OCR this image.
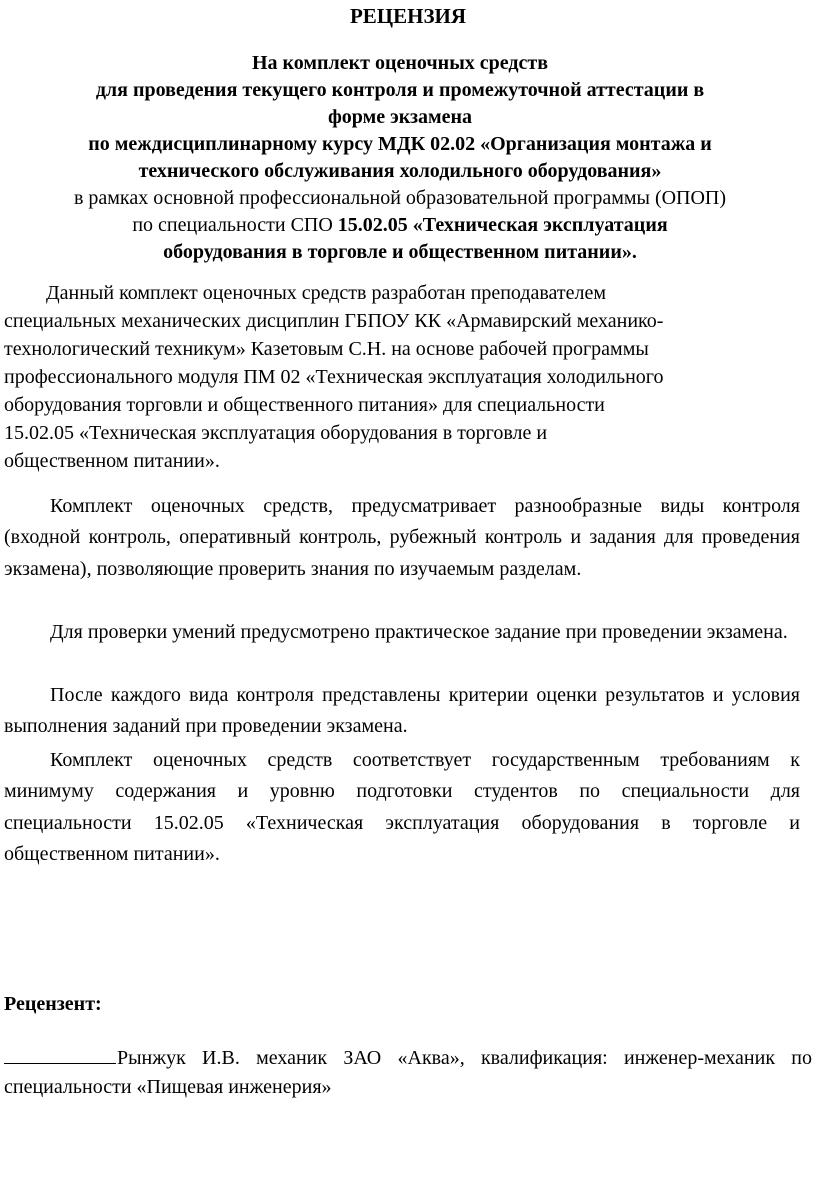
РЕЦЕНЗИЯ
На комплект оценочных средств
для проведения текущего контроля и промежуточной аттестации в
форме экзамена
по междисциплинарному курсу МДК 02.02 «Организация монтажа и
технического обслуживания холодильного оборудования»
в рамках основной профессиональной образовательной программы (ОПОП)
по специальности СПО 15.02.05 «Техническая эксплуатация
оборудования в торговле и общественном питании».
Данный комплект оценочных средств разработан преподавателем
специальных механических дисциплин ГБПОУ КК «Армавирский механико-
технологический техникум» Казетовым С.Н. на основе рабочей программы
профессионального модуля ПМ 02 «Техническая эксплуатация холодильного
оборудования торговли и общественного питания» для специальности
15.02.05 «Техническая эксплуатация оборудования в торговле и
общественном питании».
Комплект оценочных средств, предусматривает разнообразные виды контроля (входной контроль, оперативный контроль, рубежный контроль и задания для проведения экзамена), позволяющие проверить знания по изучаемым разделам.
Для проверки умений предусмотрено практическое задание при проведении экзамена.
После каждого вида контроля представлены критерии оценки результатов и условия выполнения заданий при проведении экзамена.
Комплект оценочных средств соответствует государственным требованиям к минимуму содержания и уровню подготовки студентов по специальности для специальности 15.02.05 «Техническая эксплуатация оборудования в торговле и общественном питании».
Рецензент:
Рынжук И.В. механик ЗАО «Аква», квалификация: инженер-механик по специальности «Пищевая инженерия»
